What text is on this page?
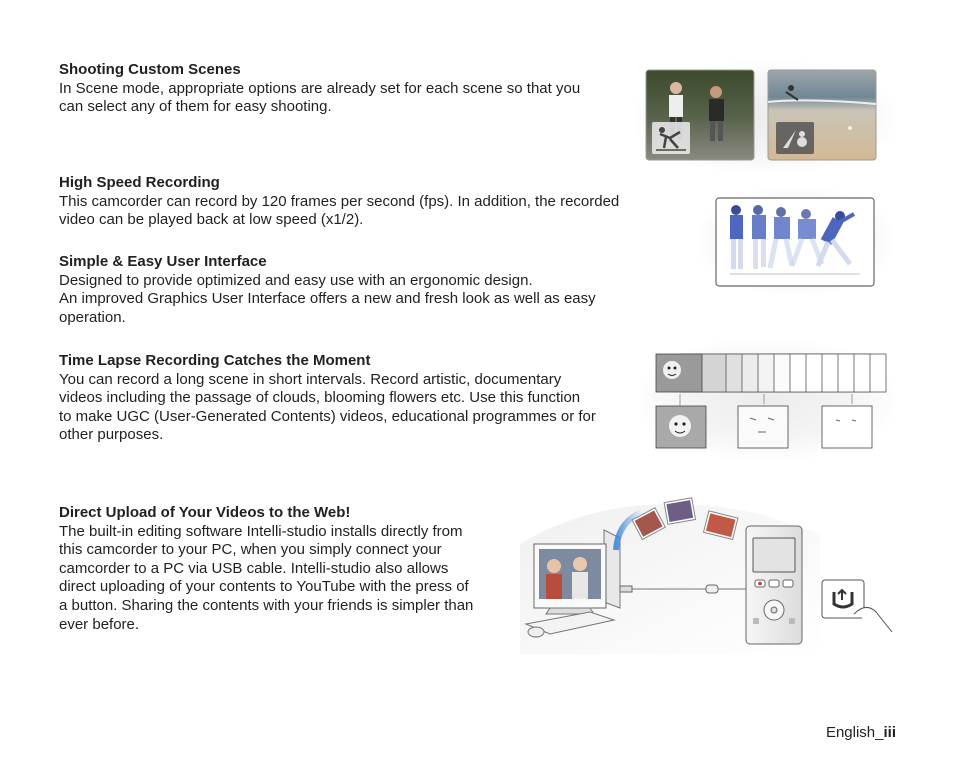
Shooting Custom Scenes

In Scene mode, appropriate options are already set for each scene so that you

can select any of them for easy shooting.

High Speed Recording

This camcorder can record by 120 frames per second (fps). In addition, the recorded

video can be played back at low speed (x1/2).

Simple & Easy User Interface

Designed to provide optimized and easy use with an ergonomic design.

An improved Graphics User Interface offers a new and fresh look as well as easy

operation.

Time Lapse Recording Catches the Moment

You can record a long scene in short intervals. Record artistic, documentary

videos including the passage of clouds, blooming flowers etc. Use this function

to make UGC (User-Generated Contents) videos, educational programmes or for

other purposes.

Direct Upload of Your Videos to the Web!

The built-in editing software Intelli-studio installs directly from

this camcorder to your PC, when you simply connect your

camcorder to a PC via USB cable. Intelli-studio also allows

direct uploading of your contents to YouTube with the press of

a button. Sharing the contents with your friends is simpler than

ever before.

English_iii
